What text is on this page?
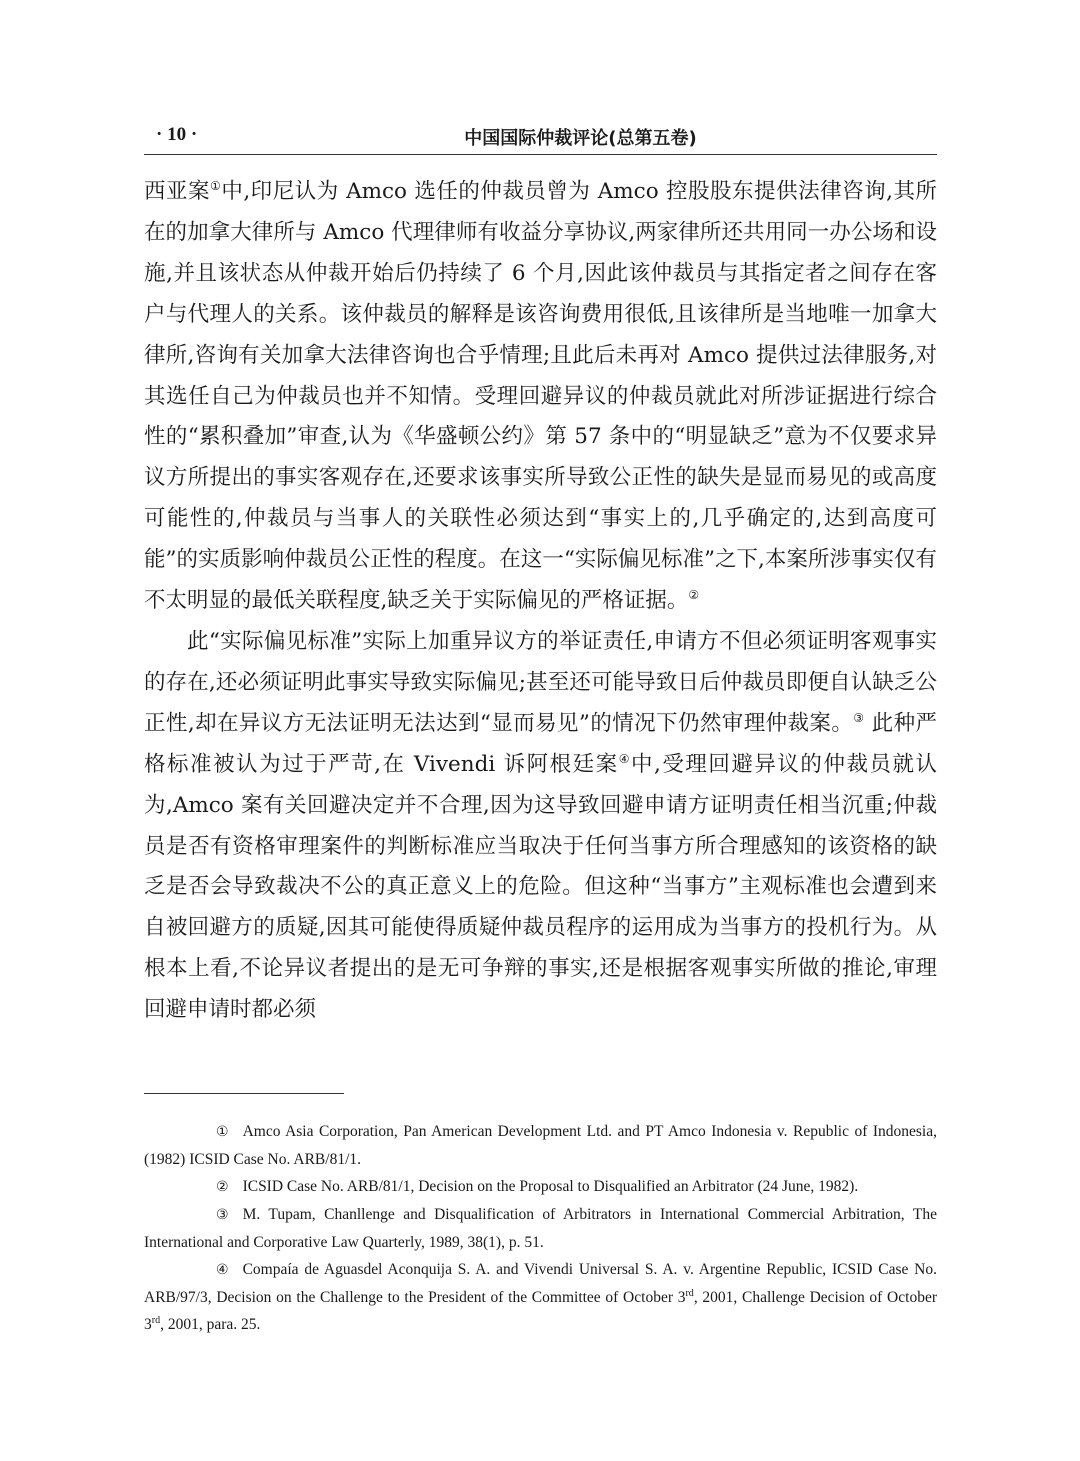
· 10 ·	中国国际仲裁评论(总第五卷)

西亚案①中,印尼认为 Amco 选任的仲裁员曾为 Amco 控股股东提供法律咨询,其所在的加拿大律所与 Amco 代理律师有收益分享协议,两家律所还共用同一办公场和设施,并且该状态从仲裁开始后仍持续了 6 个月,因此该仲裁员与其指定者之间存在客户与代理人的关系。该仲裁员的解释是该咨询费用很低,且该律所是当地唯一加拿大律所,咨询有关加拿大法律咨询也合乎情理;且此后未再对 Amco 提供过法律服务,对其选任自己为仲裁员也并不知情。受理回避异议的仲裁员就此对所涉证据进行综合性的“累积叠加”审查,认为《华盛顿公约》第 57 条中的“明显缺乏”意为不仅要求异议方所提出的事实客观存在,还要求该事实所导致公正性的缺失是显而易见的或高度可能性的,仲裁员与当事人的关联性必须达到“事实上的,几乎确定的,达到高度可能”的实质影响仲裁员公正性的程度。在这一“实际偏见标准”之下,本案所涉事实仅有不太明显的最低关联程度,缺乏关于实际偏见的严格证据。②

此“实际偏见标准”实际上加重异议方的举证责任,申请方不但必须证明客观事实的存在,还必须证明此事实导致实际偏见;甚至还可能导致日后仲裁员即便自认缺乏公正性,却在异议方无法证明无法达到“显而易见”的情况下仍然审理仲裁案。③ 此种严格标准被认为过于严苛,在 Vivendi 诉阿根廷案④中,受理回避异议的仲裁员就认为,Amco 案有关回避决定并不合理,因为这导致回避申请方证明责任相当沉重;仲裁员是否有资格审理案件的判断标准应当取决于任何当事方所合理感知的该资格的缺乏是否会导致裁决不公的真正意义上的危险。但这种“当事方”主观标准也会遭到来自被回避方的质疑,因其可能使得质疑仲裁员程序的运用成为当事方的投机行为。从根本上看,不论异议者提出的是无可争辩的事实,还是根据客观事实所做的推论,审理回避申请时都必须

① Amco Asia Corporation, Pan American Development Ltd. and PT Amco Indonesia v. Republic of Indonesia, (1982) ICSID Case No. ARB/81/1.

② ICSID Case No. ARB/81/1, Decision on the Proposal to Disqualified an Arbitrator (24 June, 1982).

③ M. Tupam, Chanllenge and Disqualification of Arbitrators in International Commercial Arbitration, The International and Corporative Law Quarterly, 1989, 38(1), p. 51.

④ Compaía de Aguasdel Aconquija S. A. and Vivendi Universal S. A. v. Argentine Republic, ICSID Case No. ARB/97/3, Decision on the Challenge to the President of the Committee of October 3rd, 2001, Challenge Decision of October 3rd, 2001, para. 25.
